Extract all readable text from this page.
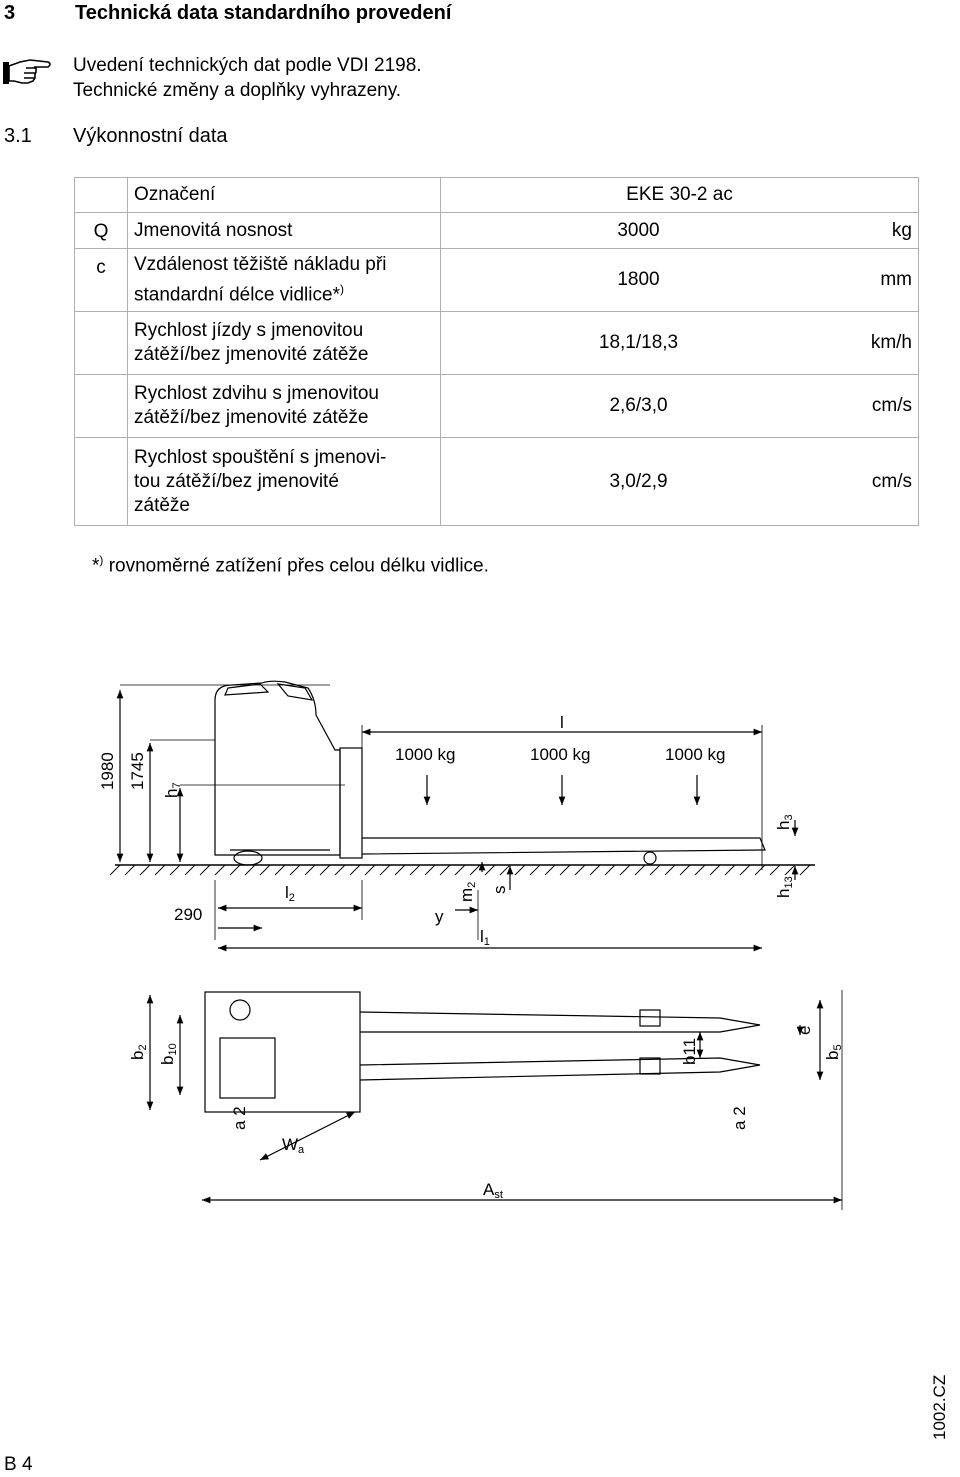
3	Technická data standardního provedení
Uvedení technických dat podle VDI 2198.
Technické změny a doplňky vyhrazeny.
3.1 Výkonnostní data
	Označení	EKE 30-2 ac	
Q	Jmenovitá nosnost	3000	kg
c	Vzdálenost těžiště nákladu při
standardní délce vidlice*)	1800	mm

	Rychlost jízdy s jmenovitou
zátěží/bez jmenovité zátěže	18,1/18,3	km/h

	Rychlost zdvihu s jmenovitou
zátěží/bez jmenovité zátěže	2,6/3,0	cm/s

	Rychlost spouštění s jmenovi-
tou zátěží/bez jmenovité
zátěže	3,0/2,9	cm/s
*) rovnoměrné zatížení přes celou délku vidlice.
1980 1745
h7
l
1000 kg	1000 kg	1000 kg
h3
h13
290
l2
y
m2
s
l1
b2
b10	b11
e
b5
a 2
a 2
Wa
Ast
B 4
1002.CZ
